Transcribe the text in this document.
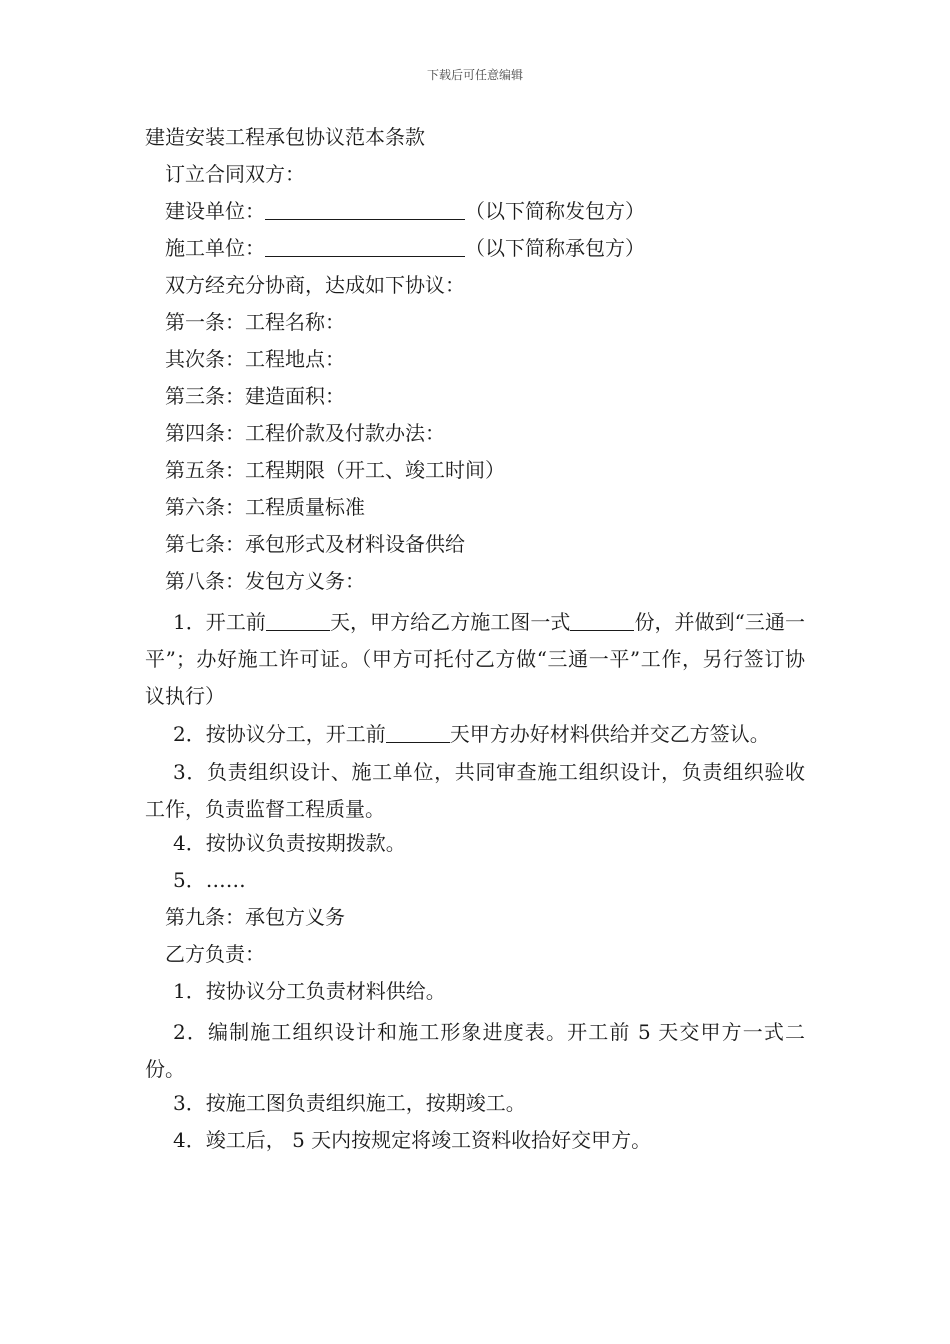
下载后可任意编辑
建造安装工程承包协议范本条款
订立合同双方：
建设单位：	（以下简称发包方）
施工单位：	（以下简称承包方）
双方经充分协商，达成如下协议：
第一条：工程名称：
其次条：工程地点：
第三条：建造面积：
第四条：工程价款及付款办法：
第五条：工程期限（开工、竣工时间）
第六条：工程质量标准
第七条：承包形式及材料设备供给
第八条：发包方义务：
1．开工前	天，甲方给乙方施工图一式	份，并做到“三通一平”；办好施工许可证。（甲方可托付乙方做“三通一平”工作，另行签订协议执行）
2．按协议分工，开工前	天甲方办好材料供给并交乙方签认。
3．负责组织设计、施工单位，共同审查施工组织设计，负责组织验收工作，负责监督工程质量。
4．按协议负责按期拨款。
5．……
第九条：承包方义务
乙方负责：
1．按协议分工负责材料供给。
2．编制施工组织设计和施工形象进度表。开工前 5 天交甲方一式二份。
3．按施工图负责组织施工，按期竣工。
4．竣工后， 5 天内按规定将竣工资料收拾好交甲方。
